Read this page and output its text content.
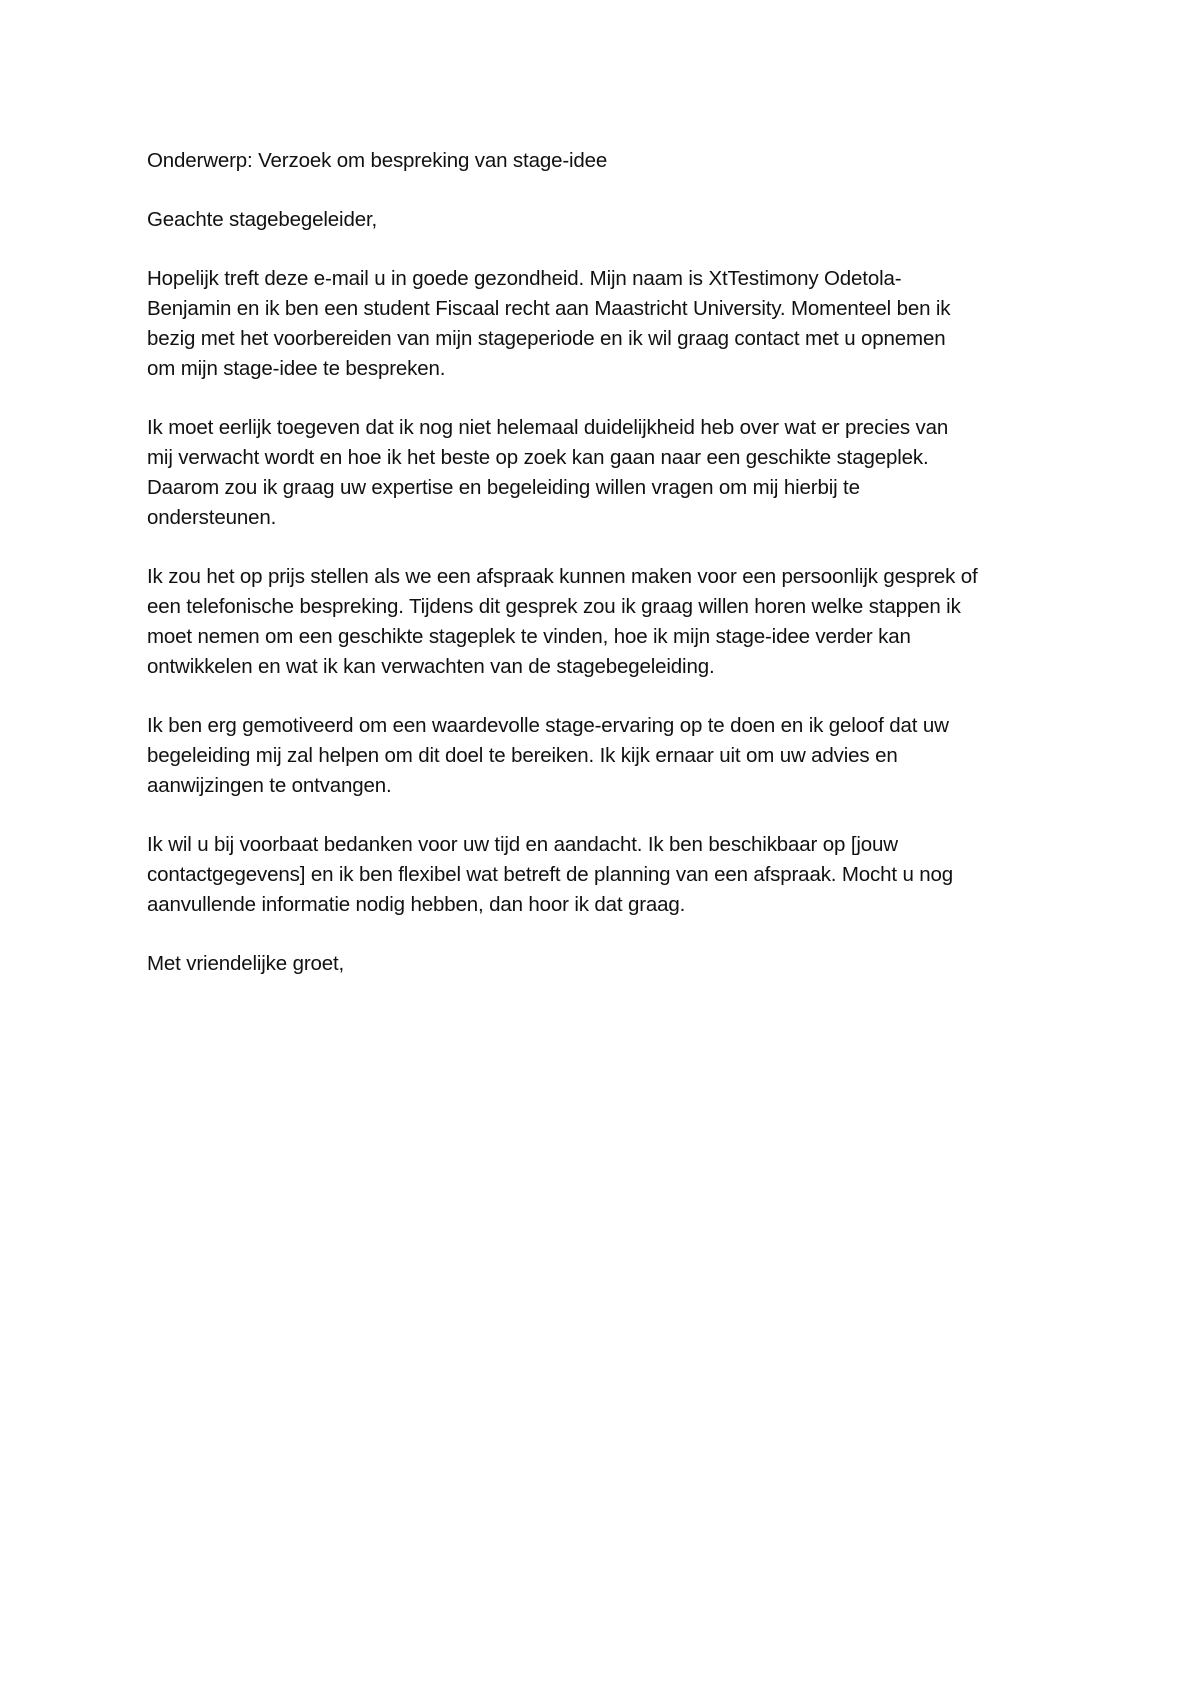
Onderwerp: Verzoek om bespreking van stage-idee

Geachte stagebegeleider,

Hopelijk treft deze e-mail u in goede gezondheid. Mijn naam is XtTestimony Odetola-
Benjamin en ik ben een student Fiscaal recht aan Maastricht University. Momenteel ben ik
bezig met het voorbereiden van mijn stageperiode en ik wil graag contact met u opnemen
om mijn stage-idee te bespreken.

Ik moet eerlijk toegeven dat ik nog niet helemaal duidelijkheid heb over wat er precies van
mij verwacht wordt en hoe ik het beste op zoek kan gaan naar een geschikte stageplek.
Daarom zou ik graag uw expertise en begeleiding willen vragen om mij hierbij te
ondersteunen.

Ik zou het op prijs stellen als we een afspraak kunnen maken voor een persoonlijk gesprek of
een telefonische bespreking. Tijdens dit gesprek zou ik graag willen horen welke stappen ik
moet nemen om een geschikte stageplek te vinden, hoe ik mijn stage-idee verder kan
ontwikkelen en wat ik kan verwachten van de stagebegeleiding.

Ik ben erg gemotiveerd om een waardevolle stage-ervaring op te doen en ik geloof dat uw
begeleiding mij zal helpen om dit doel te bereiken. Ik kijk ernaar uit om uw advies en
aanwijzingen te ontvangen.

Ik wil u bij voorbaat bedanken voor uw tijd en aandacht. Ik ben beschikbaar op [jouw
contactgegevens] en ik ben flexibel wat betreft de planning van een afspraak. Mocht u nog
aanvullende informatie nodig hebben, dan hoor ik dat graag.

Met vriendelijke groet,
